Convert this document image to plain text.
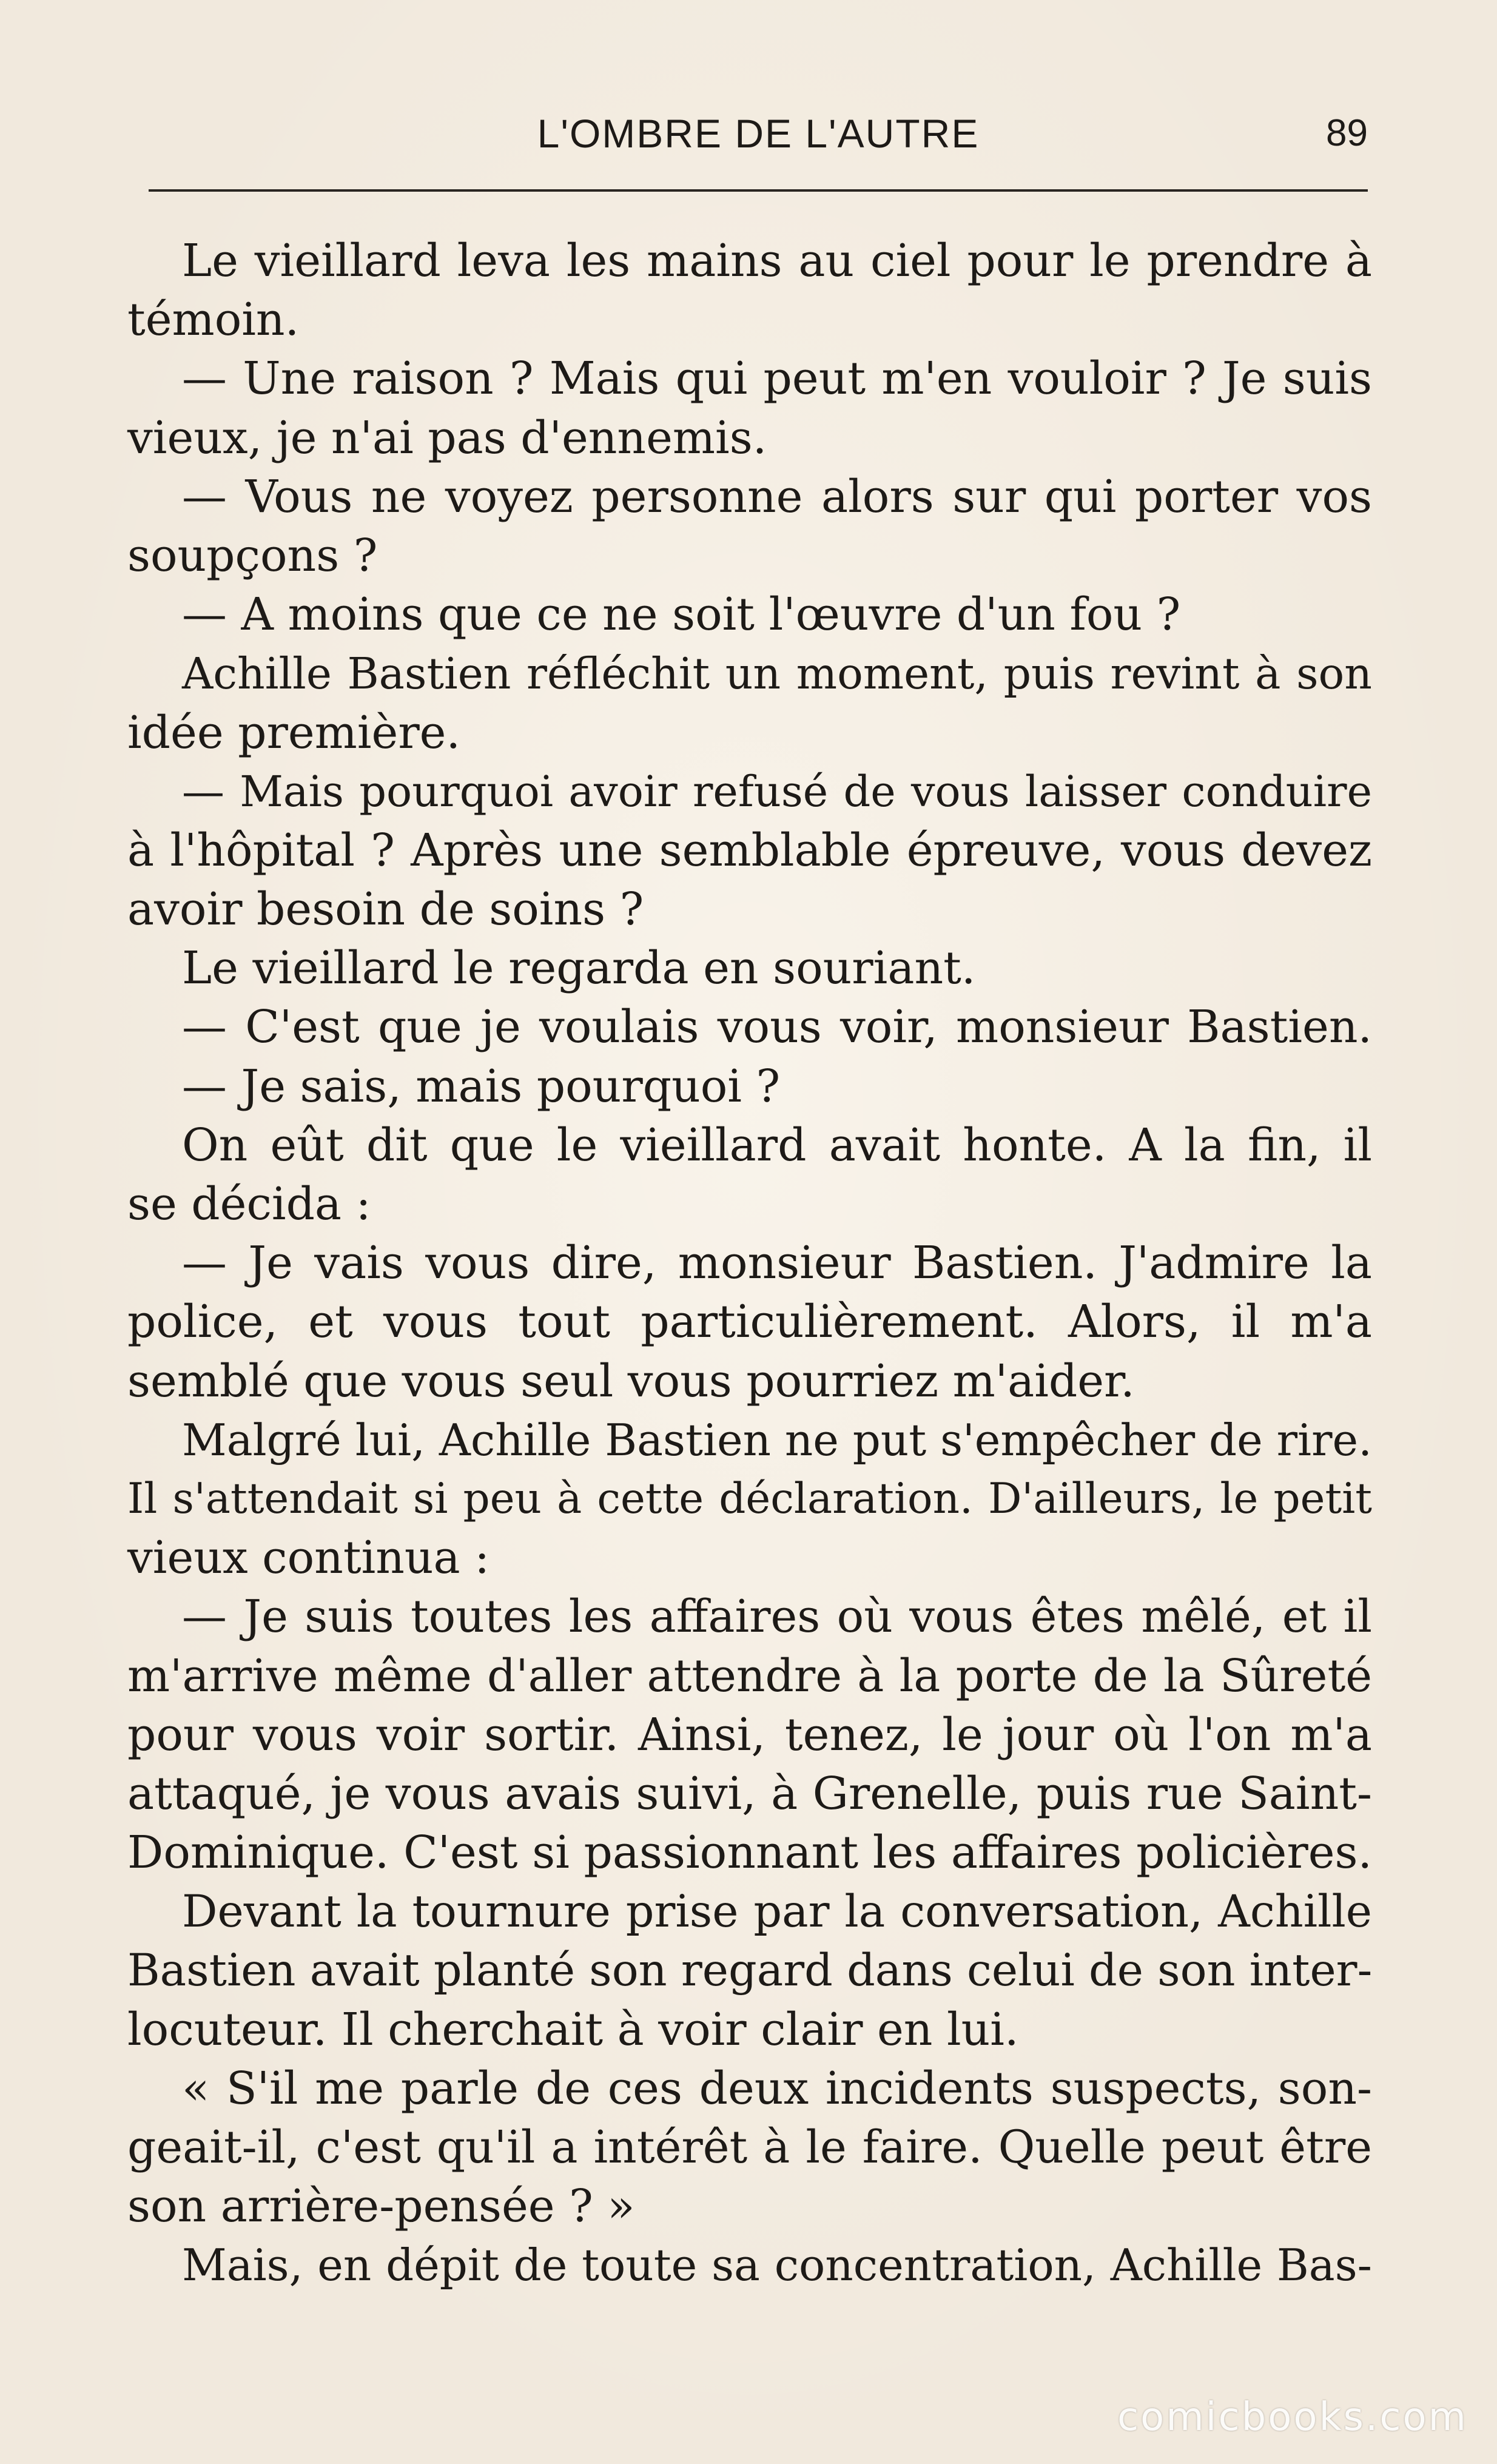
L'OMBRE DE L'AUTRE	89
Le vieillard leva les mains au ciel pour le prendre à
témoin.
— Une raison ? Mais qui peut m'en vouloir ? Je suis
vieux, je n'ai pas d'ennemis.
— Vous ne voyez personne alors sur qui porter vos
soupçons ?
— A moins que ce ne soit l'œuvre d'un fou ?
Achille Bastien réfléchit un moment, puis revint à son
idée première.
— Mais pourquoi avoir refusé de vous laisser conduire
à l'hôpital ? Après une semblable épreuve, vous devez
avoir besoin de soins ?
Le vieillard le regarda en souriant.
— C'est que je voulais vous voir, monsieur Bastien.
— Je sais, mais pourquoi ?
On eût dit que le vieillard avait honte. A la fin, il
se décida :
— Je vais vous dire, monsieur Bastien. J'admire la
police, et vous tout particulièrement. Alors, il m'a
semblé que vous seul vous pourriez m'aider.
Malgré lui, Achille Bastien ne put s'empêcher de rire.
Il s'attendait si peu à cette déclaration. D'ailleurs, le petit
vieux continua :
— Je suis toutes les affaires où vous êtes mêlé, et il
m'arrive même d'aller attendre à la porte de la Sûreté
pour vous voir sortir. Ainsi, tenez, le jour où l'on m'a
attaqué, je vous avais suivi, à Grenelle, puis rue Saint-
Dominique. C'est si passionnant les affaires policières.
Devant la tournure prise par la conversation, Achille
Bastien avait planté son regard dans celui de son inter-
locuteur. Il cherchait à voir clair en lui.
« S'il me parle de ces deux incidents suspects, son-
geait-il, c'est qu'il a intérêt à le faire. Quelle peut être
son arrière-pensée ? »
Mais, en dépit de toute sa concentration, Achille Bas-
comicbooks.com
